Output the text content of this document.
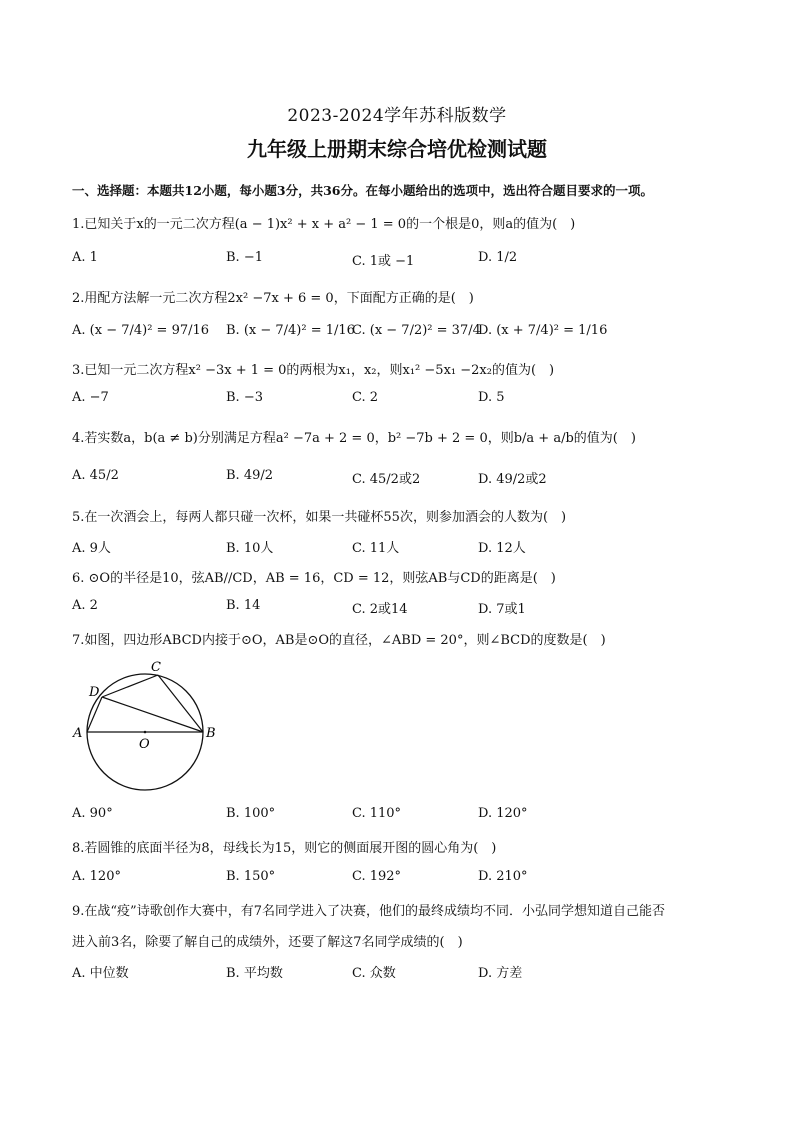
2023-2024学年苏科版数学
九年级上册期末综合培优检测试题
一、选择题：本题共12小题，每小题3分，共36分。在每小题给出的选项中，选出符合题目要求的一项。
1.已知关于x的一元二次方程(a − 1)x² + x + a² − 1 = 0的一个根是0，则a的值为(　)
A. 1	B. −1	C. 1或 −1	D. 1/2
2.用配方法解一元二次方程2x² −7x + 6 = 0，下面配方正确的是(　)
A. (x − 7/4)² = 97/16 B. (x − 7/4)² = 1/16
C. (x − 7/2)² = 37/4
D. (x + 7/4)² = 1/16
3.已知一元二次方程x² −3x + 1 = 0的两根为x₁，x₂，则x₁² −5x₁ −2x₂的值为(　)
A. −7	B. −3	C. 2	D. 5
4.若实数a，b(a ≠ b)分别满足方程a² −7a + 2 = 0，b² −7b + 2 = 0，则b/a + a/b的值为(　)
A. 45/2	B. 49/2	C. 45/2或2	D. 49/2或2
5.在一次酒会上，每两人都只碰一次杯，如果一共碰杯55次，则参加酒会的人数为(　)
A. 9人	B. 10人	C. 11人	D. 12人
6. ⊙O的半径是10，弦AB//CD，AB = 16，CD = 12，则弦AB与CD的距离是(　)
A. 2	B. 14	C. 2或14	D. 7或1
7.如图，四边形ABCD内接于⊙O，AB是⊙O的直径，∠ABD = 20°，则∠BCD的度数是(　)
A	B
C
D
O
A. 90°	B. 100°	C. 110°	D. 120°
8.若圆锥的底面半径为8，母线长为15，则它的侧面展开图的圆心角为(　)
A. 120°	B. 150°	C. 192°	D. 210°
9.在战“疫”诗歌创作大赛中，有7名同学进入了决赛，他们的最终成绩均不同．小弘同学想知道自己能否
进入前3名，除要了解自己的成绩外，还要了解这7名同学成绩的(　)
A. 中位数	B. 平均数	C. 众数	D. 方差
